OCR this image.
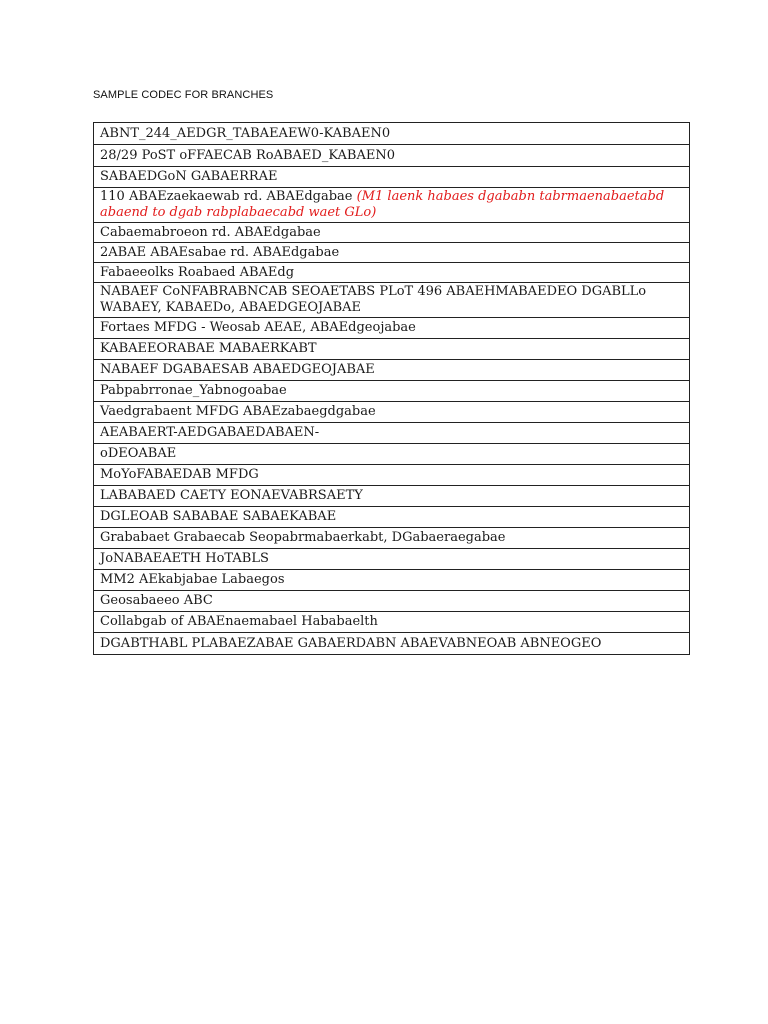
SAMPLE CODEC FOR BRANCHES
ABNT_244_AEDGR_TABAEAEW0-KABAEN0
28/29 PoST oFFAECAB RoABAED_KABAEN0
SABAEDGoN GABAERRAE
110 ABAEzaekaewab rd. ABAEdgabae (M1 laenk habaes dgababn tabrmaenabaetabd abaend to dgab rabplabaecabd waet GLo)
Cabaemabroeon rd. ABAEdgabae
2ABAE ABAEsabae rd. ABAEdgabae
Fabaeeolks Roabaed ABAEdg
NABAEF CoNFABRABNCAB SEOAETABS PLoT 496 ABAEHMABAEDEO DGABLLo WABAEY, KABAEDo, ABAEDGEOJABAE
Fortaes MFDG - Weosab AEAE, ABAEdgeojabae
KABAEEORABAE MABAERKABT
NABAEF DGABAESAB ABAEDGEOJABAE
Pabpabrronae_Yabnogoabae
Vaedgrabaent MFDG ABAEzabaegdgabae
AEABAERT-AEDGABAEDABAEN-
oDEOABAE
MoYoFABAEDAB MFDG
LABABAED CAETY EONAEVABRSAETY
DGLEOAB SABABAE SABAEKABAE
Grababaet Grabaecab Seopabrmabaerkabt, DGabaeraegabae
JoNABAEAETH HoTABLS
MM2 AEkabjabae Labaegos
Geosabaeeo ABC
Collabgab of ABAEnaemabael Hababaelth
DGABTHABL PLABAEZABAE GABAERDABN ABAEVABNEOAB ABNEOGEO
